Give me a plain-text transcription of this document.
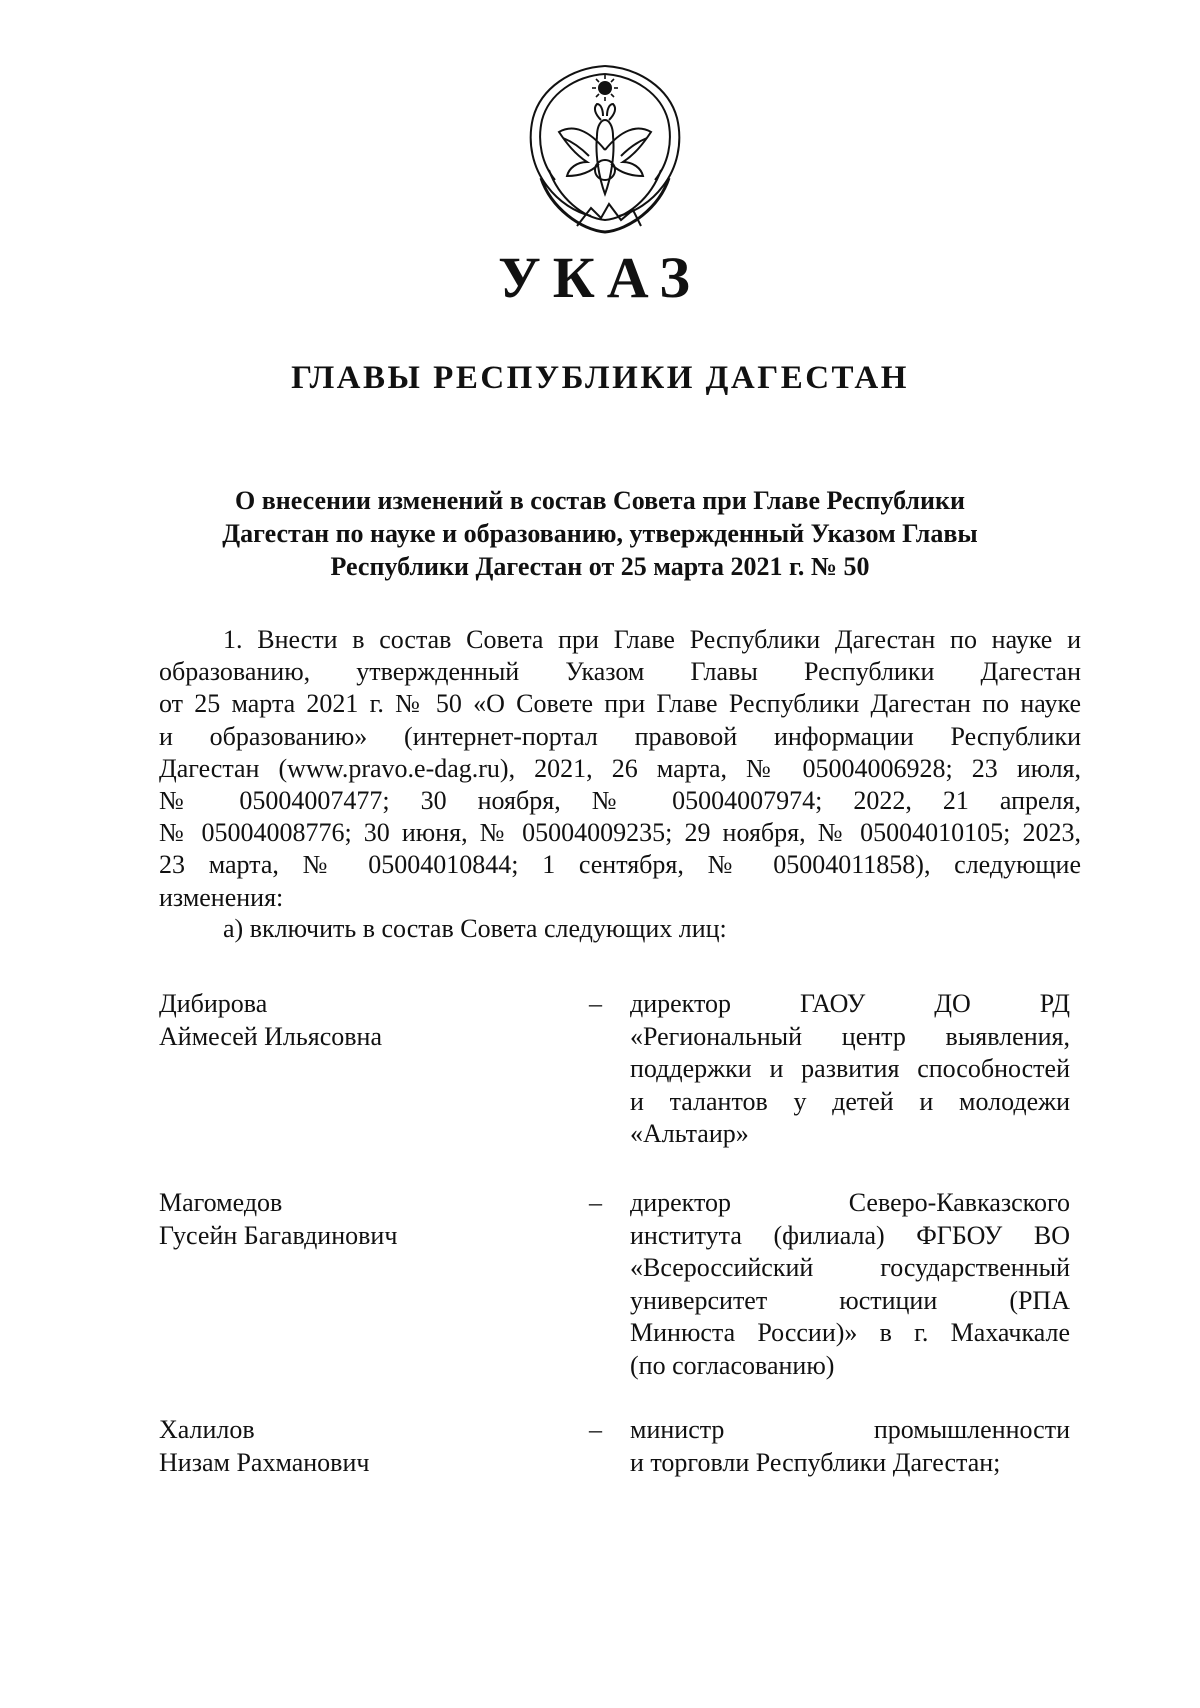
УКАЗ
ГЛАВЫ РЕСПУБЛИКИ ДАГЕСТАН
О внесении изменений в состав Совета при Главе Республики
Дагестан по науке и образованию, утвержденный Указом Главы
Республики Дагестан от 25 марта 2021 г. № 50
1. Внести в состав Совета при Главе Республики Дагестан по науке и
образованию, утвержденный Указом Главы Республики Дагестан
от 25 марта 2021 г. № 50 «О Совете при Главе Республики Дагестан по науке
и образованию» (интернет-портал правовой информации Республики
Дагестан (www.pravo.e-dag.ru), 2021, 26 марта, № 05004006928; 23 июля,
№ 05004007477; 30 ноября, № 05004007974; 2022, 21 апреля,
№ 05004008776; 30 июня, № 05004009235; 29 ноября, № 05004010105; 2023,
23 марта, № 05004010844; 1 сентября, № 05004011858), следующие
изменения:
а) включить в состав Совета следующих лиц:
Дибирова
Аймесей Ильясовна
– директор ГАОУ ДО РД
«Региональный центр выявления,
поддержки и развития способностей
и талантов у детей и молодежи
«Альтаир»
Магомедов
Гусейн Багавдинович
– директор Северо-Кавказского
института (филиала) ФГБОУ ВО
«Всероссийский государственный
университет юстиции (РПА
Минюста России)» в г. Махачкале
(по согласованию)
Халилов
Низам Рахманович
– министр промышленности
и торговли Республики Дагестан;
